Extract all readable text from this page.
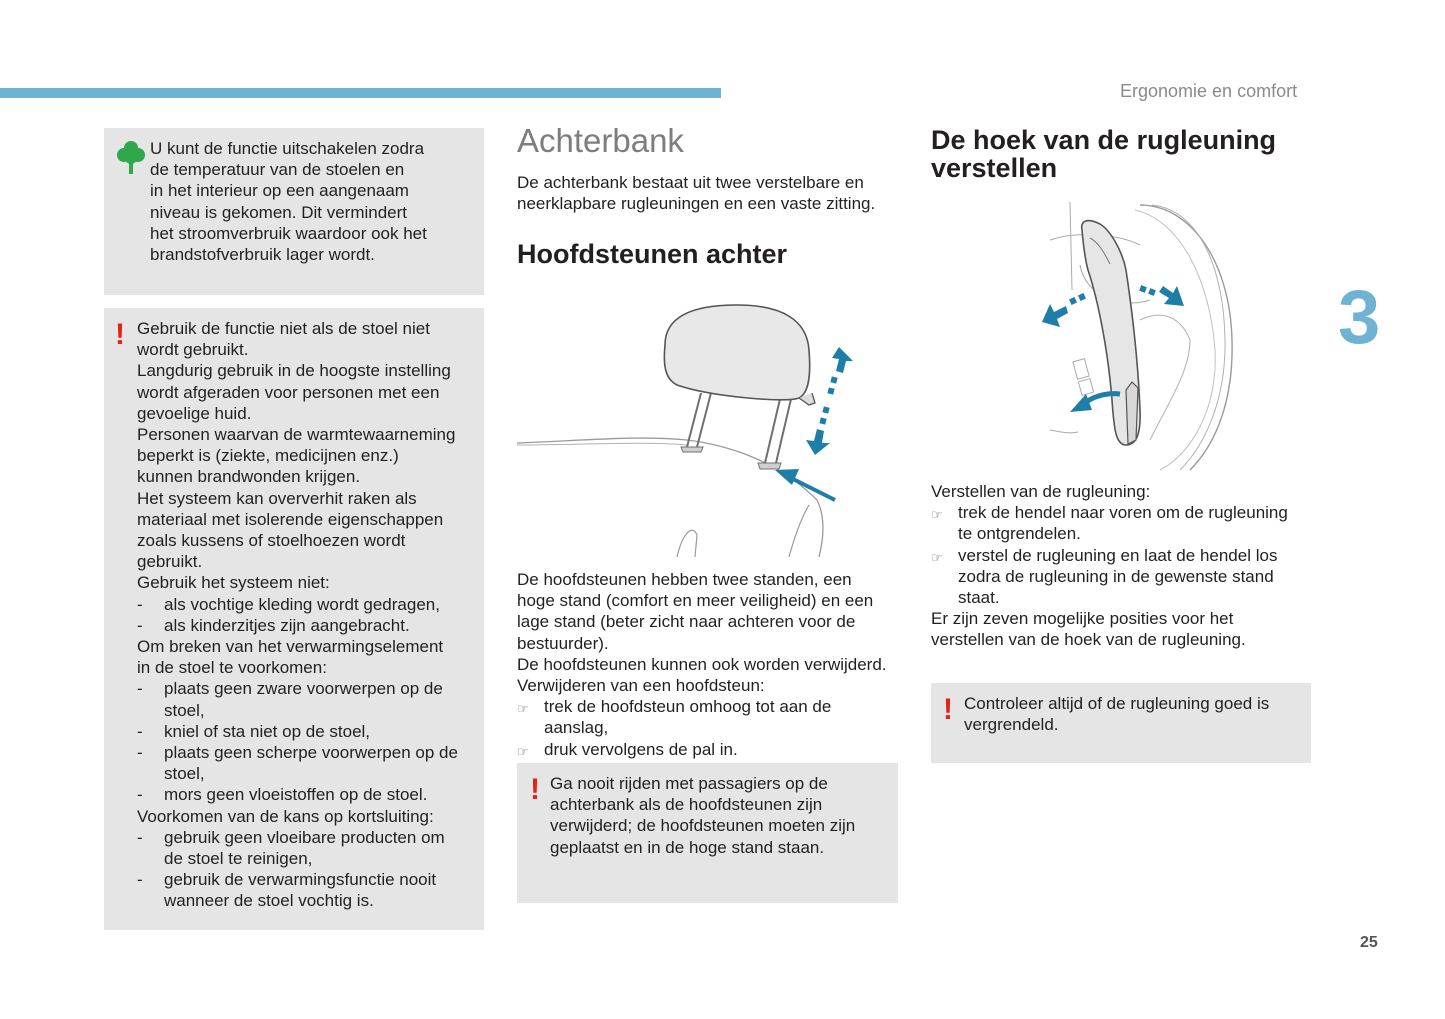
Ergonomie en comfort
3
25

U kunt de functie uitschakelen zodra

de temperatuur van de stoelen en

in het interieur op een aangenaam

niveau is gekomen. Dit vermindert

het stroomverbruik waardoor ook het

brandstofverbruik lager wordt.

! Gebruik de functie niet als de stoel niet

wordt gebruikt.

Langdurig gebruik in de hoogste instelling

wordt afgeraden voor personen met een

gevoelige huid.

Personen waarvan de warmtewaarneming

beperkt is (ziekte, medicijnen enz.)

kunnen brandwonden krijgen.

Het systeem kan oververhit raken als

materiaal met isolerende eigenschappen

zoals kussens of stoelhoezen wordt

gebruikt.

Gebruik het systeem niet:

-	als vochtige kleding wordt gedragen,

-	als kinderzitjes zijn aangebracht.

Om breken van het verwarmingselement

in de stoel te voorkomen:

-	plaats geen zware voorwerpen op de

stoel,

-	kniel of sta niet op de stoel,

-	plaats geen scherpe voorwerpen op de

stoel,

-	mors geen vloeistoffen op de stoel.

Voorkomen van de kans op kortsluiting:

-	gebruik geen vloeibare producten om

de stoel te reinigen,

-	gebruik de verwarmingsfunctie nooit

wanneer de stoel vochtig is.

Achterbank

De achterbank bestaat uit twee verstelbare en

neerklapbare rugleuningen en een vaste zitting.

Hoofdsteunen achter

De hoofdsteunen hebben twee standen, een

hoge stand (comfort en meer veiligheid) en een

lage stand (beter zicht naar achteren voor de

bestuurder).

De hoofdsteunen kunnen ook worden verwijderd.

Verwijderen van een hoofdsteun:

☞ trek de hoofdsteun omhoog tot aan de

aanslag,

☞ druk vervolgens de pal in.

! Ga nooit rijden met passagiers op de

achterbank als de hoofdsteunen zijn

verwijderd; de hoofdsteunen moeten zijn

geplaatst en in de hoge stand staan.

De hoek van de rugleuning
verstellen

Verstellen van de rugleuning:

☞ trek de hendel naar voren om de rugleuning

te ontgrendelen.

☞ verstel de rugleuning en laat de hendel los

zodra de rugleuning in de gewenste stand

staat.

Er zijn zeven mogelijke posities voor het

verstellen van de hoek van de rugleuning.

! Controleer altijd of de rugleuning goed is

vergrendeld.
